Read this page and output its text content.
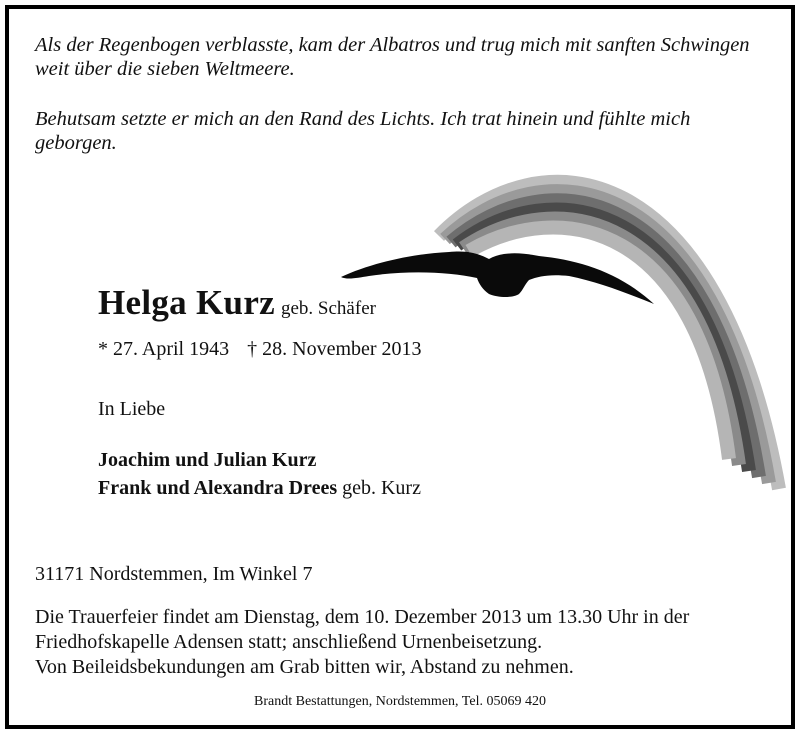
Als der Regenbogen verblasste, kam der Albatros und trug mich mit sanften Schwingen weit über die sieben Weltmeere.

Behutsam setzte er mich an den Rand des Lichts. Ich trat hinein und fühlte mich geborgen.

Helga Kurz geb. Schäfer
* 27. April 1943 † 28. November 2013
In Liebe
Joachim und Julian Kurz
Frank und Alexandra Drees geb. Kurz
31171 Nordstemmen, Im Winkel 7

Die Trauerfeier findet am Dienstag, dem 10. Dezember 2013 um 13.30 Uhr in der
Friedhofskapelle Adensen statt; anschließend Urnenbeisetzung.
Von Beileidsbekundungen am Grab bitten wir, Abstand zu nehmen.

Brandt Bestattungen, Nordstemmen, Tel. 05069 420
